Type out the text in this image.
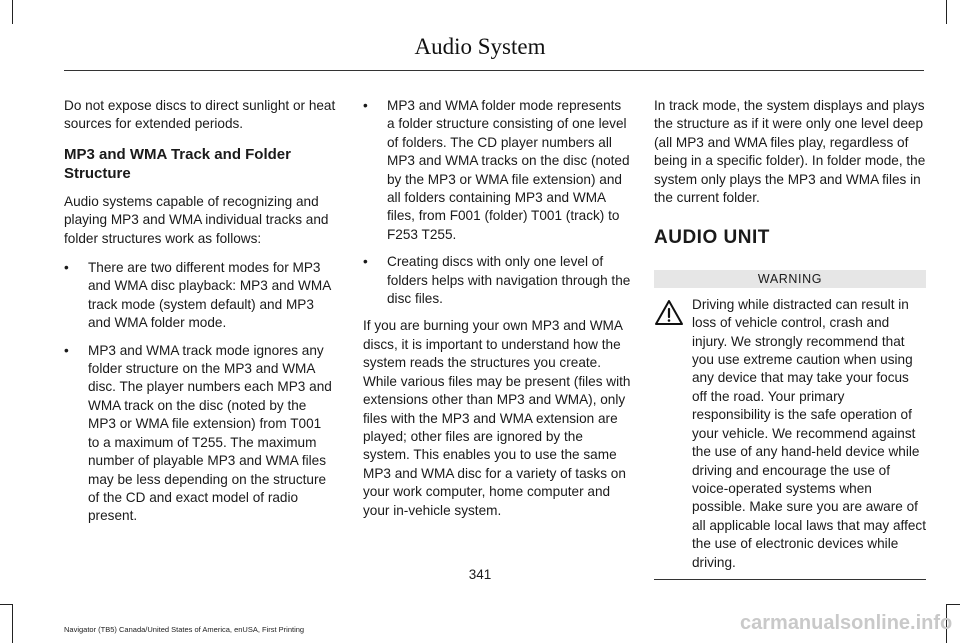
Audio System

Do not expose discs to direct sunlight or heat sources for extended periods.

MP3 and WMA Track and Folder Structure

Audio systems capable of recognizing and playing MP3 and WMA individual tracks and folder structures work as follows:

• There are two different modes for MP3 and WMA disc playback: MP3 and WMA track mode (system default) and MP3 and WMA folder mode.
• MP3 and WMA track mode ignores any folder structure on the MP3 and WMA disc. The player numbers each MP3 and WMA track on the disc (noted by the MP3 or WMA file extension) from T001 to a maximum of T255. The maximum number of playable MP3 and WMA files may be less depending on the structure of the CD and exact model of radio present.
• MP3 and WMA folder mode represents a folder structure consisting of one level of folders. The CD player numbers all MP3 and WMA tracks on the disc (noted by the MP3 or WMA file extension) and all folders containing MP3 and WMA files, from F001 (folder) T001 (track) to F253 T255.
• Creating discs with only one level of folders helps with navigation through the disc files.

If you are burning your own MP3 and WMA discs, it is important to understand how the system reads the structures you create. While various files may be present (files with extensions other than MP3 and WMA), only files with the MP3 and WMA extension are played; other files are ignored by the system. This enables you to use the same MP3 and WMA disc for a variety of tasks on your work computer, home computer and your in-vehicle system.

In track mode, the system displays and plays the structure as if it were only one level deep (all MP3 and WMA files play, regardless of being in a specific folder). In folder mode, the system only plays the MP3 and WMA files in the current folder.

AUDIO UNIT
WARNING

Driving while distracted can result in loss of vehicle control, crash and injury. We strongly recommend that you use extreme caution when using any device that may take your focus off the road. Your primary responsibility is the safe operation of your vehicle. We recommend against the use of any hand-held device while driving and encourage the use of voice-operated systems when possible. Make sure you are aware of all applicable local laws that may affect the use of electronic devices while driving.

341
Navigator (TB5) Canada/United States of America, enUSA, First Printing	carmanualsonline.info
